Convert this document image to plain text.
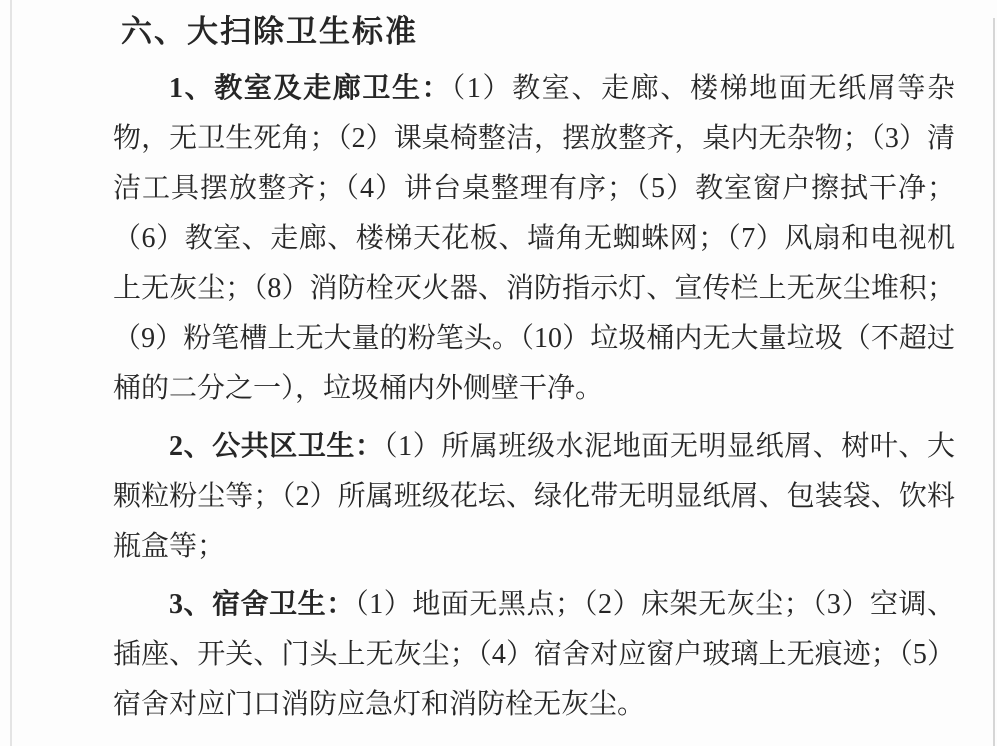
六、大扫除卫生标准

1、教室及走廊卫生：（1）教室、走廊、楼梯地面无纸屑等杂物，无卫生死角；（2）课桌椅整洁，摆放整齐，桌内无杂物；（3）清洁工具摆放整齐；（4）讲台桌整理有序；（5）教室窗户擦拭干净；（6）教室、走廊、楼梯天花板、墙角无蜘蛛网；（7）风扇和电视机上无灰尘；（8）消防栓灭火器、消防指示灯、宣传栏上无灰尘堆积；（9）粉笔槽上无大量的粉笔头。（10）垃圾桶内无大量垃圾（不超过桶的二分之一），垃圾桶内外侧壁干净。

2、公共区卫生：（1）所属班级水泥地面无明显纸屑、树叶、大颗粒粉尘等；（2）所属班级花坛、绿化带无明显纸屑、包装袋、饮料瓶盒等；

3、宿舍卫生：（1）地面无黑点；（2）床架无灰尘；（3）空调、插座、开关、门头上无灰尘；（4）宿舍对应窗户玻璃上无痕迹；（5）宿舍对应门口消防应急灯和消防栓无灰尘。
